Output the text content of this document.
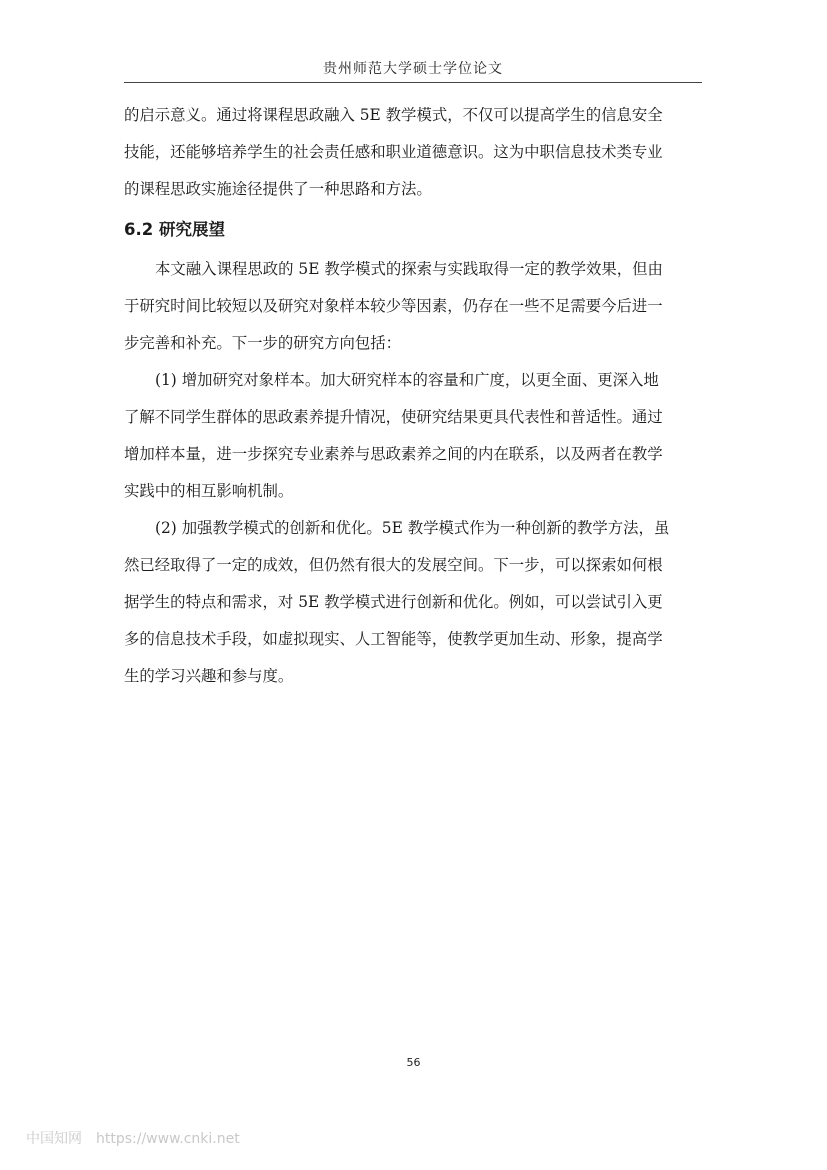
贵州师范大学硕士学位论文
的启示意义。通过将课程思政融入 5E 教学模式，不仅可以提高学生的信息安全
技能，还能够培养学生的社会责任感和职业道德意识。这为中职信息技术类专业
的课程思政实施途径提供了一种思路和方法。
6.2 研究展望
本文融入课程思政的 5E 教学模式的探索与实践取得一定的教学效果，但由
于研究时间比较短以及研究对象样本较少等因素，仍存在一些不足需要今后进一
步完善和补充。下一步的研究方向包括：
(1) 增加研究对象样本。加大研究样本的容量和广度，以更全面、更深入地
了解不同学生群体的思政素养提升情况，使研究结果更具代表性和普适性。通过
增加样本量，进一步探究专业素养与思政素养之间的内在联系，以及两者在教学
实践中的相互影响机制。
(2) 加强教学模式的创新和优化。5E 教学模式作为一种创新的教学方法，虽
然已经取得了一定的成效，但仍然有很大的发展空间。下一步，可以探索如何根
据学生的特点和需求，对 5E 教学模式进行创新和优化。例如，可以尝试引入更
多的信息技术手段，如虚拟现实、人工智能等，使教学更加生动、形象，提高学
生的学习兴趣和参与度。
56
中国知网 https://www.cnki.net
